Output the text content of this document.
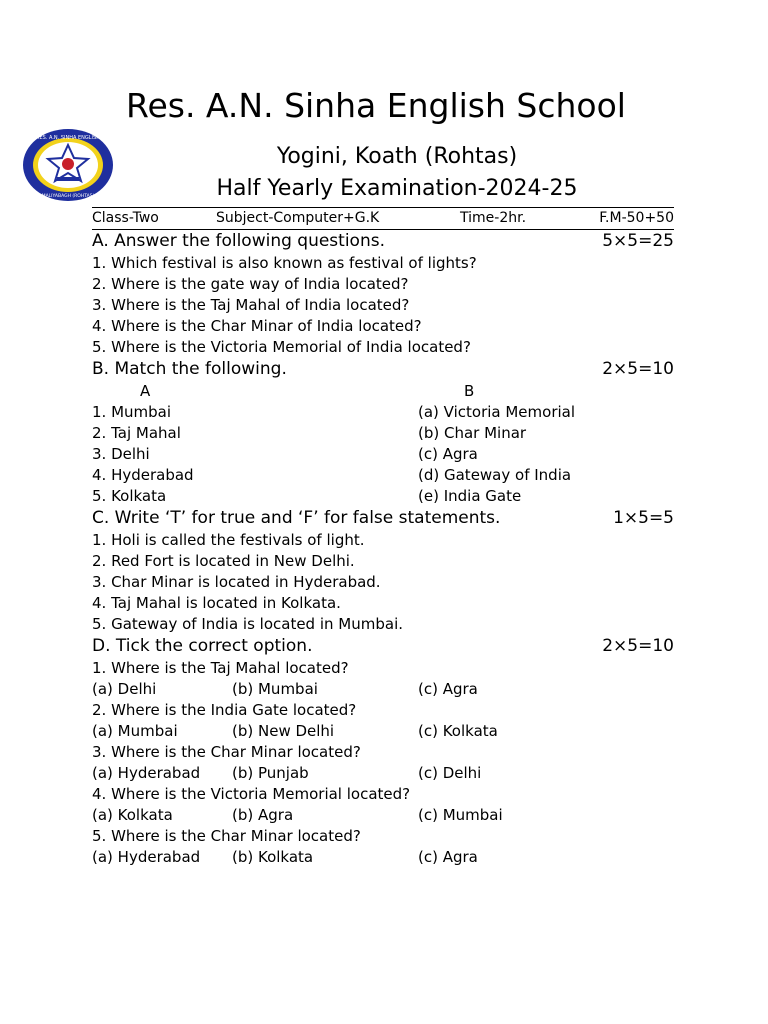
Res. A.N. Sinha English School
RES. A.N. SINHA ENGLISH
MALIYABAGH (ROHTAS)
Yogini, Koath (Rohtas)
Half Yearly Examination-2024-25
Class-Two	Subject-Computer+G.K	Time-2hr.	F.M-50+50
A. Answer the following questions.	5×5=25
1. Which festival is also known as festival of lights?
2. Where is the gate way of India located?
3. Where is the Taj Mahal of India located?
4. Where is the Char Minar of India located?
5. Where is the Victoria Memorial of India located?
B. Match the following.	2×5=10
A	B
1. Mumbai	(a) Victoria Memorial
2. Taj Mahal	(b) Char Minar
3. Delhi	(c) Agra
4. Hyderabad	(d) Gateway of India
5. Kolkata	(e) India Gate
C. Write ‘T’ for true and ‘F’ for false statements.	1×5=5
1. Holi is called the festivals of light.
2. Red Fort is located in New Delhi.
3. Char Minar is located in Hyderabad.
4. Taj Mahal is located in Kolkata.
5. Gateway of India is located in Mumbai.
D. Tick the correct option.	2×5=10
1. Where is the Taj Mahal located?
(a) Delhi	(b) Mumbai	(c) Agra
2. Where is the India Gate located?
(a) Mumbai	(b) New Delhi	(c) Kolkata
3. Where is the Char Minar located?
(a) Hyderabad (b) Punjab	(c) Delhi
4. Where is the Victoria Memorial located?
(a) Kolkata	(b) Agra	(c) Mumbai
5. Where is the Char Minar located?
(a) Hyderabad (b) Kolkata	(c) Agra
